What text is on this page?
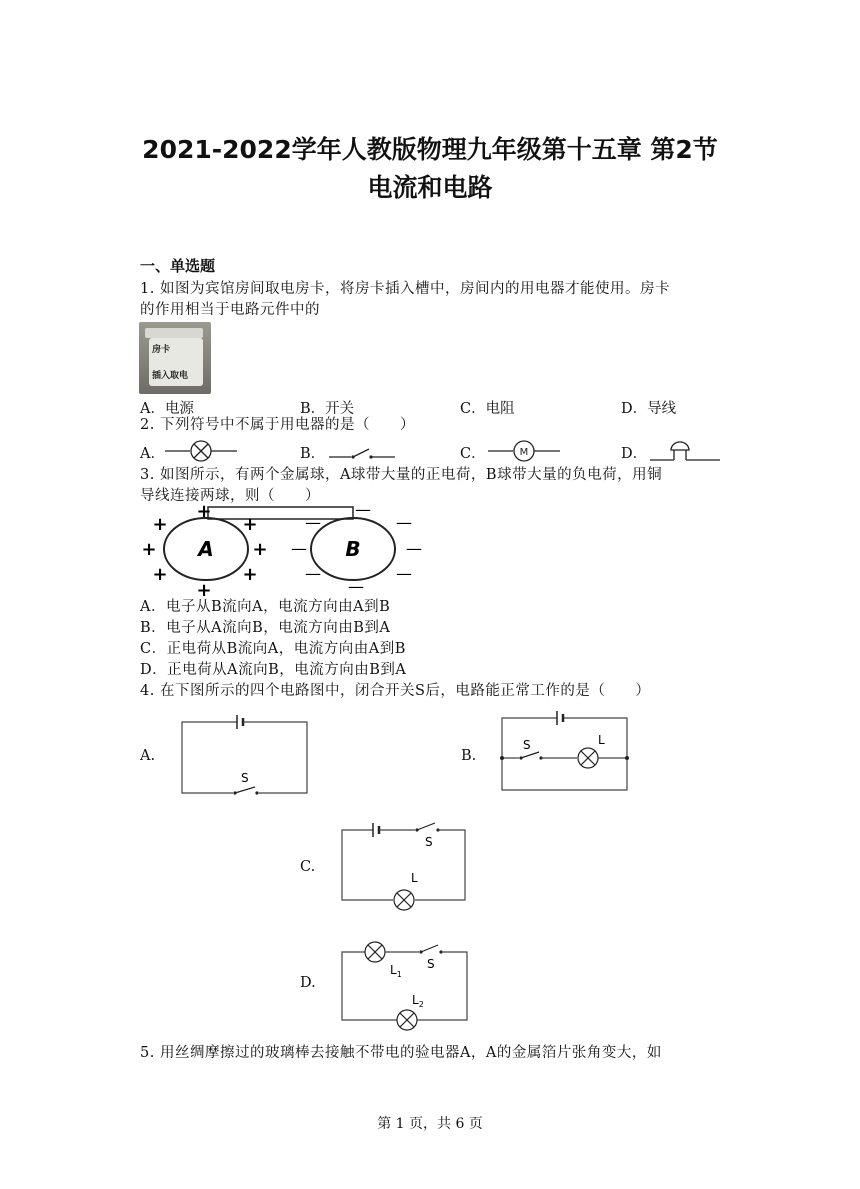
2021-2022学年人教版物理九年级第十五章 第2节
电流和电路
一、单选题
1. 如图为宾馆房间取电房卡，将房卡插入槽中，房间内的用电器才能使用。房卡
的作用相当于电路元件中的
房卡
插入取电
A．电源	B．开关	C．电阻	D．导线
2. 下列符号中不属于用电器的是（　　）
A．	B．	C．	M	D．
3. 如图所示，有两个金属球，A球带大量的正电荷，B球带大量的负电荷，用铜
导线连接两球，则（　　）
A	B
+
+	+
+	+
+	+
+
—
—
—
—	—
—	—
—
A．电子从B流向A，电流方向由A到B
B．电子从A流向B，电流方向由B到A
C．正电荷从B流向A，电流方向由A到B
D．正电荷从A流向B，电流方向由B到A
4. 在下图所示的四个电路图中，闭合开关S后，电路能正常工作的是（　　）
A.
S
B.
S	L
C.
S
L
D.
$L_1$
S
$L_2$
5. 用丝绸摩擦过的玻璃棒去接触不带电的验电器A，A的金属箔片张角变大，如
第 1 页，共 6 页
